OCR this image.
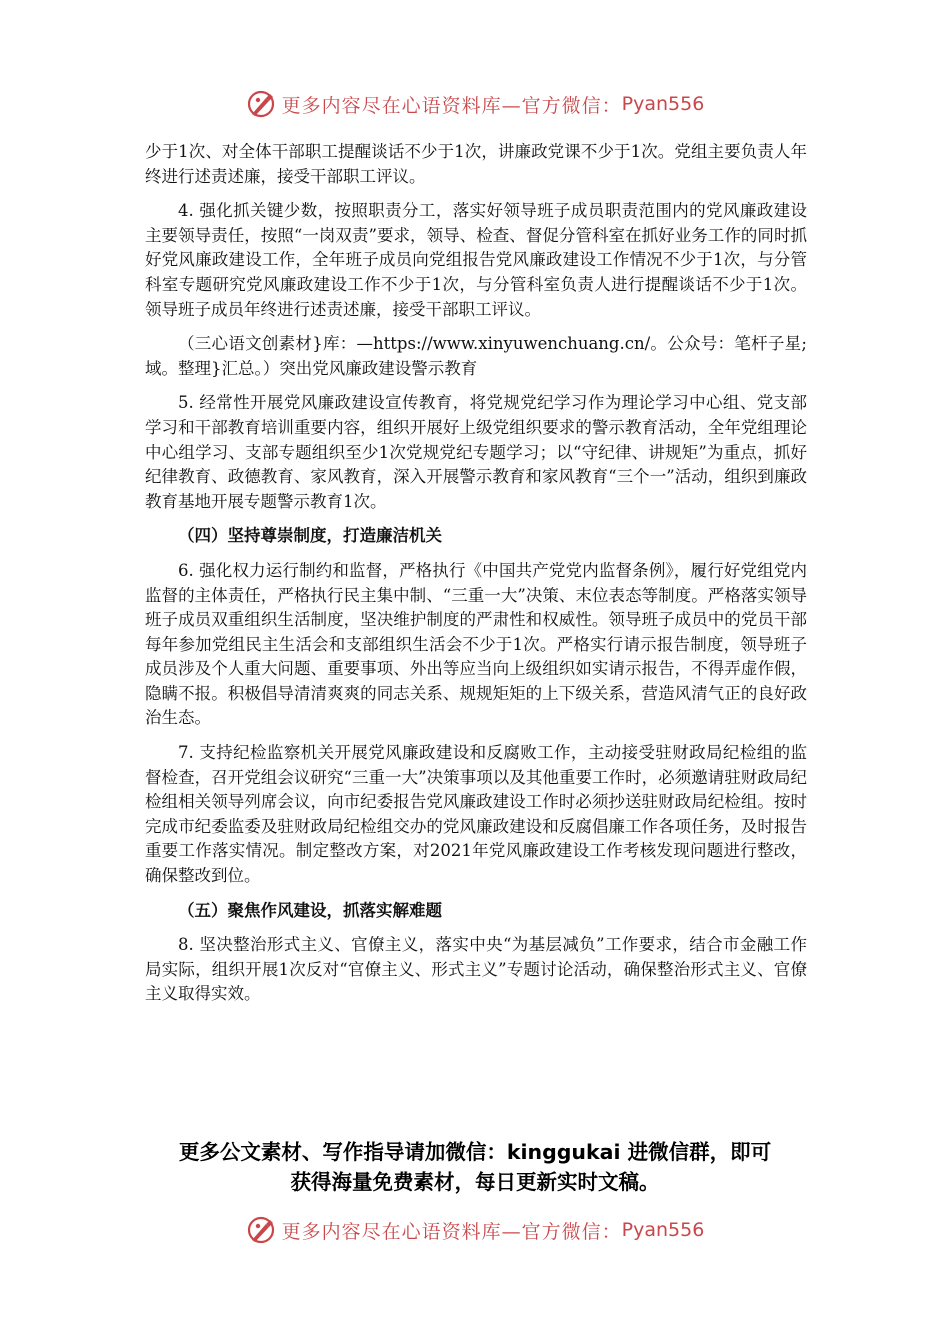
更多内容尽在心语资料库—官方微信： Pyan556

少于1次、对全体干部职工提醒谈话不少于1次，讲廉政党课不少于1次。党组主要负责人年终进行述责述廉，接受干部职工评议。

4. 强化抓关键少数，按照职责分工，落实好领导班子成员职责范围内的党风廉政建设主要领导责任，按照“一岗双责”要求，领导、检查、督促分管科室在抓好业务工作的同时抓好党风廉政建设工作，全年班子成员向党组报告党风廉政建设工作情况不少于1次，与分管科室专题研究党风廉政建设工作不少于1次，与分管科室负责人进行提醒谈话不少于1次。领导班子成员年终进行述责述廉，接受干部职工评议。

（三心语文创素材}库：—https://www.xinyuwenchuang.cn/。公众号：笔杆子星;域。整理}汇总。）突出党风廉政建设警示教育

5. 经常性开展党风廉政建设宣传教育，将党规党纪学习作为理论学习中心组、党支部学习和干部教育培训重要内容，组织开展好上级党组织要求的警示教育活动，全年党组理论中心组学习、支部专题组织至少1次党规党纪专题学习；以“守纪律、讲规矩”为重点，抓好纪律教育、政德教育、家风教育，深入开展警示教育和家风教育“三个一”活动，组织到廉政教育基地开展专题警示教育1次。

（四）坚持尊崇制度，打造廉洁机关

6. 强化权力运行制约和监督，严格执行《中国共产党党内监督条例》，履行好党组党内监督的主体责任，严格执行民主集中制、“三重一大”决策、末位表态等制度。严格落实领导班子成员双重组织生活制度，坚决维护制度的严肃性和权威性。领导班子成员中的党员干部每年参加党组民主生活会和支部组织生活会不少于1次。严格实行请示报告制度，领导班子成员涉及个人重大问题、重要事项、外出等应当向上级组织如实请示报告，不得弄虚作假，隐瞒不报。积极倡导清清爽爽的同志关系、规规矩矩的上下级关系，营造风清气正的良好政治生态。

7. 支持纪检监察机关开展党风廉政建设和反腐败工作，主动接受驻财政局纪检组的监督检查，召开党组会议研究“三重一大”决策事项以及其他重要工作时，必须邀请驻财政局纪检组相关领导列席会议，向市纪委报告党风廉政建设工作时必须抄送驻财政局纪检组。按时完成市纪委监委及驻财政局纪检组交办的党风廉政建设和反腐倡廉工作各项任务，及时报告重要工作落实情况。制定整改方案，对2021年党风廉政建设工作考核发现问题进行整改，确保整改到位。

（五）聚焦作风建设，抓落实解难题

8. 坚决整治形式主义、官僚主义，落实中央“为基层减负”工作要求，结合市金融工作局实际，组织开展1次反对“官僚主义、形式主义”专题讨论活动，确保整治形式主义、官僚主义取得实效。

更多公文素材、写作指导请加微信：kinggukai 进微信群，即可
获得海量免费素材，每日更新实时文稿。
更多内容尽在心语资料库—官方微信： Pyan556
